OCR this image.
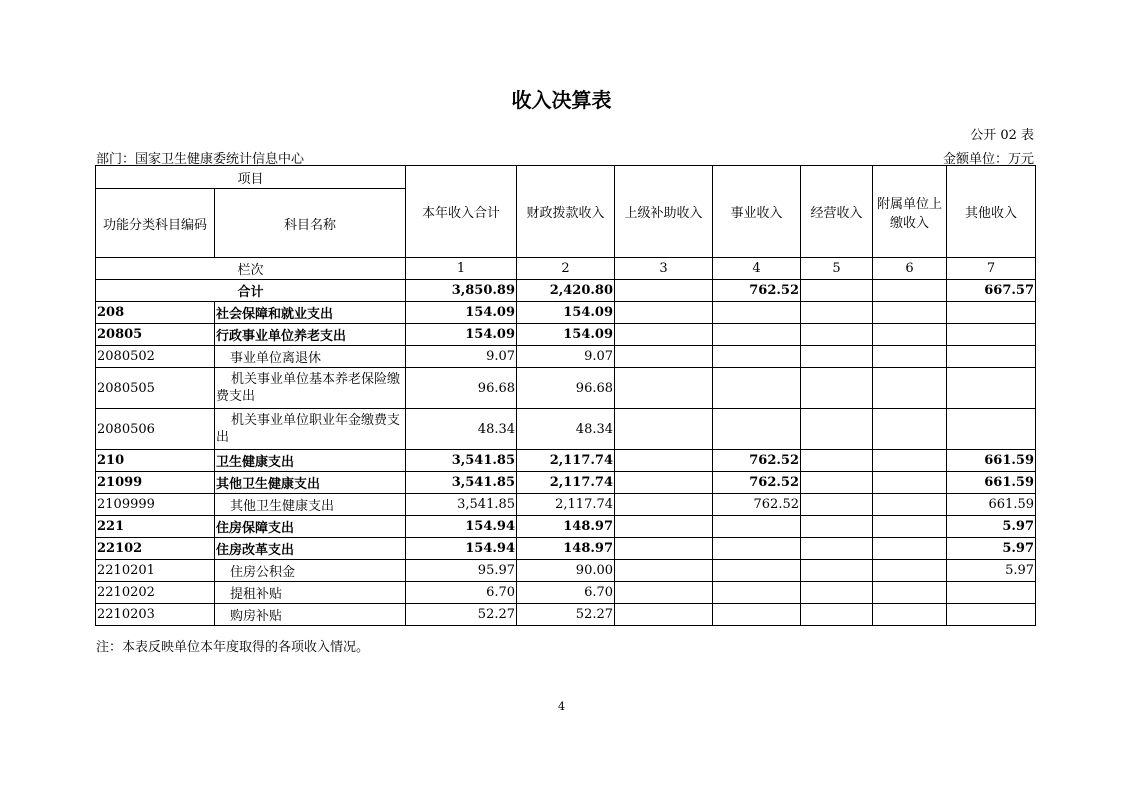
收入决算表
公开 02 表
部门：国家卫生健康委统计信息中心	金额单位：万元
项目		本年收入合计	财政拨款收入	上级补助收入	事业收入	经营收入	附属单位上缴收入	其他收入
功能分类科目编码	科目名称							
栏次		1	2	3	4	5	6	7
合计		3,850.89	2,420.80		762.52			667.57
208	社会保障和就业支出	154.09	154.09					
20805	行政事业单位养老支出	154.09	154.09					
2080502	事业单位离退休	9.07	9.07					
2080505	机关事业单位基本养老保险缴费支出	96.68	96.68					
2080506	机关事业单位职业年金缴费支出	48.34	48.34					
210	卫生健康支出	3,541.85	2,117.74		762.52			661.59
21099	其他卫生健康支出	3,541.85	2,117.74		762.52			661.59
2109999	其他卫生健康支出	3,541.85	2,117.74		762.52			661.59
221	住房保障支出	154.94	148.97					5.97
22102	住房改革支出	154.94	148.97					5.97
2210201	住房公积金	95.97	90.00					5.97
2210202	提租补贴	6.70	6.70					
2210203	购房补贴	52.27	52.27					
注：本表反映单位本年度取得的各项收入情况。
4
